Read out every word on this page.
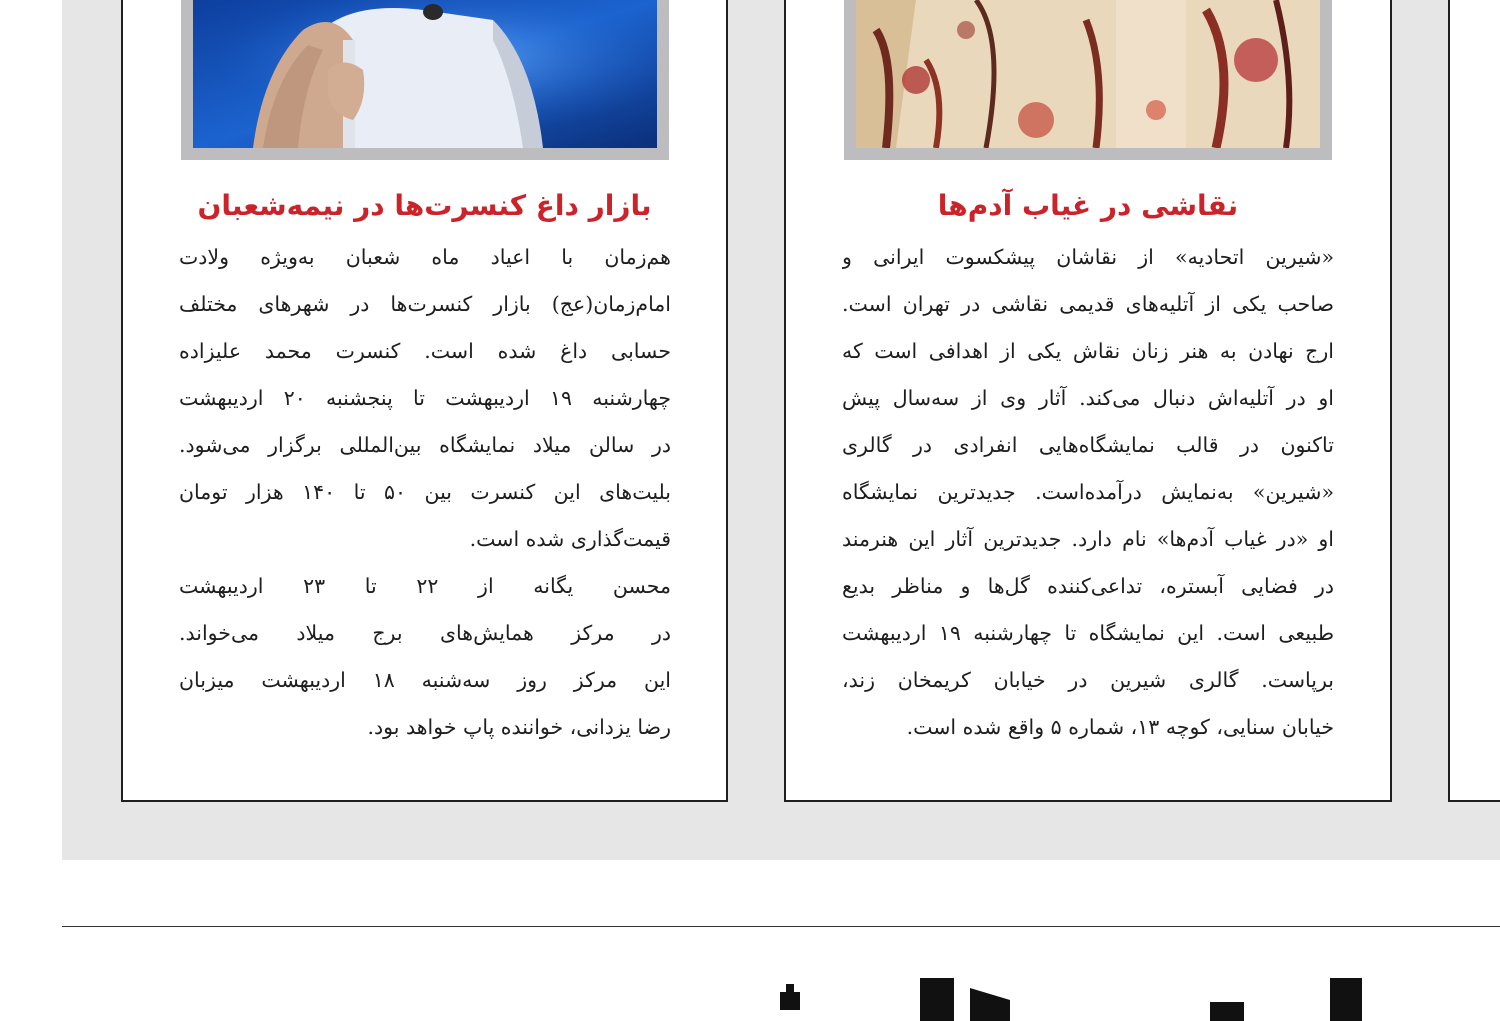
بازار داغ کنسرت‌ها در نیمه‌شعبان

هم‌زمان با اعیاد ماه شعبان به‌ویژه ولادت
امام‌زمان(عج) بازار کنسرت‌ها در شهرهای مختلف
حسابی داغ شده است. کنسرت محمد علیزاده
چهارشنبه ۱۹ اردیبهشت تا پنجشنبه ۲۰ اردیبهشت
در سالن میلاد نمایشگاه بین‌المللی برگزار می‌شود.
بلیت‌های این کنسرت بین ۵۰ تا ۱۴۰ هزار تومان
قیمت‌گذاری شده است.

محسن یگانه از ۲۲ تا ۲۳ اردیبهشت
در مرکز همایش‌های برج میلاد می‌خواند.
این مرکز روز سه‌شنبه ۱۸ اردیبهشت میزبان
رضا یزدانی، خواننده پاپ خواهد بود.

نقاشی در غیاب آدم‌ها

«شیرین اتحادیه» از نقاشان پیشکسوت ایرانی و
صاحب یکی از آتلیه‌های قدیمی نقاشی در تهران است.
ارج نهادن به هنر زنان نقاش یکی از اهدافی است که
او در آتلیه‌اش دنبال می‌کند. آثار وی از سه‌سال پیش
تاکنون در قالب نمایشگاه‌هایی انفرادی در گالری
«شیرین» به‌نمایش درآمده‌است. جدیدترین نمایشگاه
او «در غیاب آدم‌ها» نام دارد. جدیدترین آثار این هنرمند
در فضایی آبستره، تداعی‌کننده گل‌ها و مناظر بدیع
طبیعی است. این نمایشگاه تا چهارشنبه ۱۹ اردیبهشت
برپاست. گالری شیرین در خیابان کریمخان زند،
خیابان سنایی، کوچه ۱۳، شماره ۵ واقع شده است.
